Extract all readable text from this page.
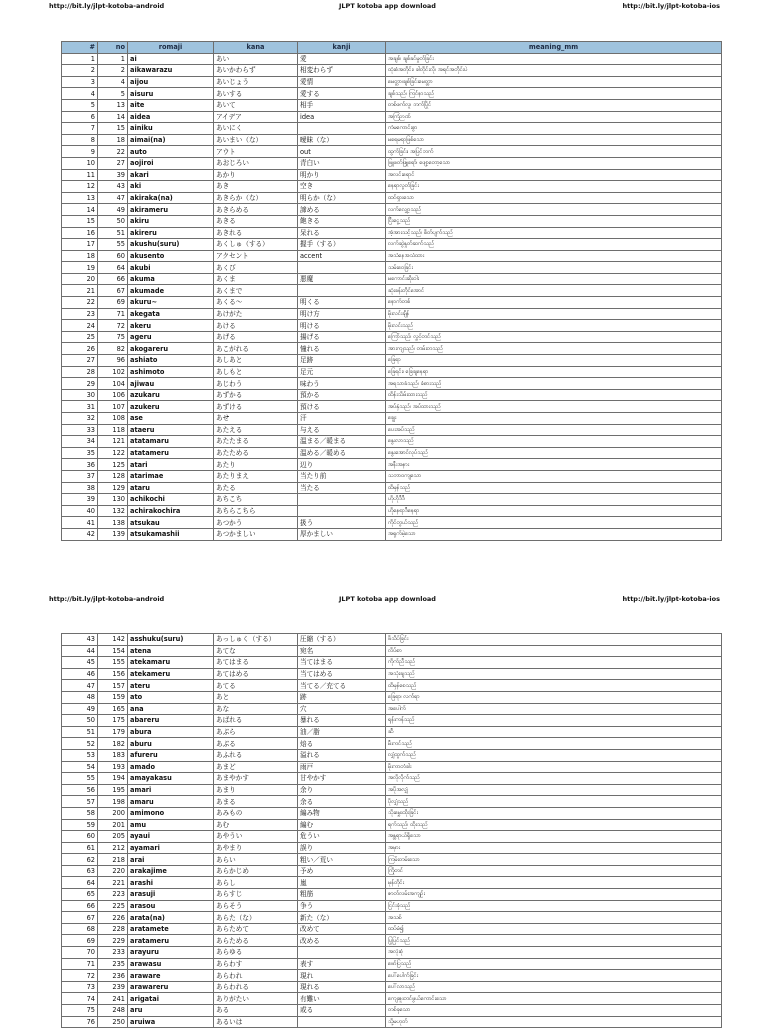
http://bit.ly/jlpt-kotoba-android	JLPT kotoba app download	http://bit.ly/jlpt-kotoba-ios
#	no	romaji	kana	kanji	meaning_mm
1	1	ai	あい	愛	အချစ်၊ ချစ်ခင်မှုတ်ခြင်း
2	2	aikawarazu	あいかわらず	相変わらず	ထုံးစံအတိုင်း၊ ခါတိုင်းလို၊ အရင်အတိုင်းပဲ
3	4	aijou	あいじょう	愛情	မေတ္တာ၊ချစ်ခြင်းမေတ္တာ
4	5	aisuru	あいする	愛する	ချစ်သည်၊ ကြင်နာသည်
5	13	aite	あいて	相手	တစ်ဖက်လူ၊ ဘက်ပြိုင်
6	14	aidea	アイデア	idea	အကြံဉာဏ်
7	15	ainiku	あいにく		ကံမကောင်းစွာ
8	18	aimai(na)	あいまい（な）	曖昧（な）	မရေမရာဖြစ်သော
9	22	auto	アウト	out	ထွက်ခြင်း၊ အပြင်ဘက်
10	27	aojiroi	あおじろい	青白い	ဖြူဖတ်ဖြူရော်၊ ဖျော့တော့သော
11	39	akari	あかり	明かり	အလင်းရောင်
12	43	aki	あき	空き	နေရာလွတ်ခြင်း
13	47	akiraka(na)	あきらか（な）	明らか（な）	ထင်ရှားသော
14	49	akirameru	あきらめる	諦める	လက်လျှော့သည်
15	50	akiru	あきる	飽きる	ငြီးငွေ့သည်
16	51	akireru	あきれる	呆れる	အံ့အားသင့်သည်၊ စိတ်ပျက်သည်
17	55	akushu(suru)	あくしゅ（する）	握手（する）	လက်ဆွဲနှုတ်ဆက်သည်
18	60	akusento	アクセント	accent	အသံနေအသံထား
19	64	akubi	あくび		သမ်းဝေခြင်း
20	66	akuma	あくま	悪魔	မကောင်းဆိုးဝါး
21	67	akumade	あくまで		ဆုံးခန်းတိုင်အောင်
22	69	akuru~	あくる～	明くる	နောက်တစ်
23	71	akegata	あけがた	明け方	မိုးလင်းချိန်
24	72	akeru	あける	明ける	မိုးလင်းသည်
25	75	ageru	あげる	揚げる	ကြော်သည်၊ လွှင့်တင်သည်
26	82	akogareru	あこがれる	憧れる	အားကျသည်၊ တမ်းတသည်
27	96	ashiato	あしあと	足跡	ခြေရာ
28	102	ashimoto	あしもと	足元	ခြေရင်း၊ ခြေချနေရာ
29	104	ajiwau	あじわう	味わう	အရသာခံသည်၊ ခံစားသည်
30	106	azukaru	あずかる	預かる	ထိန်းသိမ်းထားသည်
31	107	azukeru	あずける	預ける	အပ်နှံသည်၊ အပ်ထားသည်
32	108	ase	あせ	汗	ချွေး
33	118	ataeru	あたえる	与える	ပေးအပ်သည်
34	121	atatamaru	あたたまる	温まる／暖まる	နွေးလာသည်
35	122	atatameru	あたためる	温める／暖める	နွေးအောင်လုပ်သည်
36	125	atari	あたり	辺り	အနီးအနား
37	128	atarimae	あたりまえ	当たり前	သဘာဝကျသော
38	129	ataru	あたる	当たる	ထိမှန်သည်
39	130	achikochi	あちこち		ဟိုဟိုဒီဒီ
40	132	achirakochira	あちらこちら		ဟိုနေရာဒီနေရာ
41	138	atsukau	あつかう	扱う	ကိုင်တွယ်သည်
42	139	atsukamashii	あつかましい	厚かましい	အရှက်မဲ့သော
http://bit.ly/jlpt-kotoba-android	JLPT kotoba app download	http://bit.ly/jlpt-kotoba-ios
43	142	asshuku(suru)	あっしゅく（する）	圧縮（する）	ဖိသိပ်ခြင်း
44	154	atena	あてな	宛名	လိပ်စာ
45	155	atekamaru	あてはまる	当てはまる	ကိုက်ညီသည်
46	156	atekameru	あてはめる	当てはめる	အသုံးချသည်
47	157	ateru	あてる	当てる／充てる	ထိမှန်စေသည်
48	159	ato	あと	跡	ခြေရာ၊ လက်ရာ
49	165	ana	あな	穴	အပေါက်
50	175	abareru	あばれる	暴れる	ရုန်းကန်သည်
51	179	abura	あぶら	油／脂	ဆီ
52	182	aburu	あぶる	焙る	မီးကင်သည်
53	183	afureru	あふれる	溢れる	လျှံထွက်သည်
54	193	amado	あまど	雨戸	မိုးကာတံခါး
55	194	amayakasu	あまやかす	甘やかす	အလိုလိုက်သည်
56	195	amari	あまり	余り	အပိုအလျှံ
57	198	amaru	あまる	余る	ပိုလျှံသည်
58	200	amimono	あみもの	編み物	သိုးမွှေးထိုးခြင်း
59	201	amu	あむ	編む	ရက်သည်၊ ထိုးသည်
60	205	ayaui	あやうい	危うい	အန္တရာယ်ရှိသော
61	212	ayamari	あやまり	誤り	အမှား
62	218	arai	あらい	粗い／荒い	ကြမ်းတမ်းသော
63	220	arakajime	あらかじめ	予め	ကြိုတင်
64	221	arashi	あらし	嵐	မုန်တိုင်း
65	223	arasuji	あらすじ	粗筋	ဇာတ်လမ်းအကျဉ်း
66	225	arasou	あらそう	争う	ငြင်းခုံသည်
67	226	arata(na)	あらた（な）	新た（な）	အသစ်
68	228	aratamete	あらためて	改めて	ထပ်မံ၍
69	229	aratameru	あらためる	改める	ပြုပြင်သည်
70	233	arayuru	あらゆる		အလုံးစုံ
71	235	arawasu	あらわす	表す	ဖော်ပြသည်
72	236	araware	あらわれ	現れ	ပေါ်ပေါက်ခြင်း
73	239	arawareru	あらわれる	現れる	ပေါ်လာသည်
74	241	arigatai	ありがたい	有難い	ကျေးဇူးတင်ဖွယ်ကောင်းသော
75	248	aru	ある	或る	တစ်ခုသော
76	250	aruiwa	あるいは		သို့မဟုတ်
